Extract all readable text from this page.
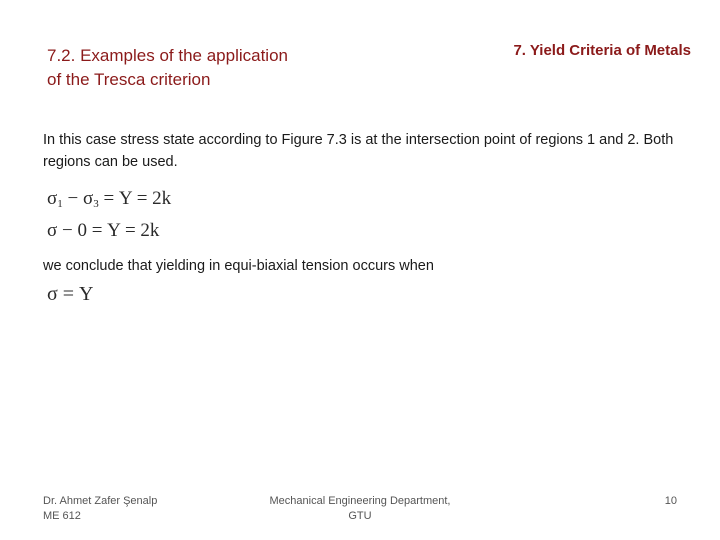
7.2. Examples of the application
of the Tresca criterion
7. Yield Criteria of Metals
In this case stress state according to Figure 7.3 is at the intersection point of regions 1 and 2. Both regions can be used.
$\sigma_1 - \sigma_3 = Y = 2k$
σ − 0 = Y = 2k
we conclude that yielding in equi-biaxial tension occurs when
σ = Y
Dr. Ahmet Zafer Şenalp
ME 612
Mechanical Engineering Department,
GTU
10
